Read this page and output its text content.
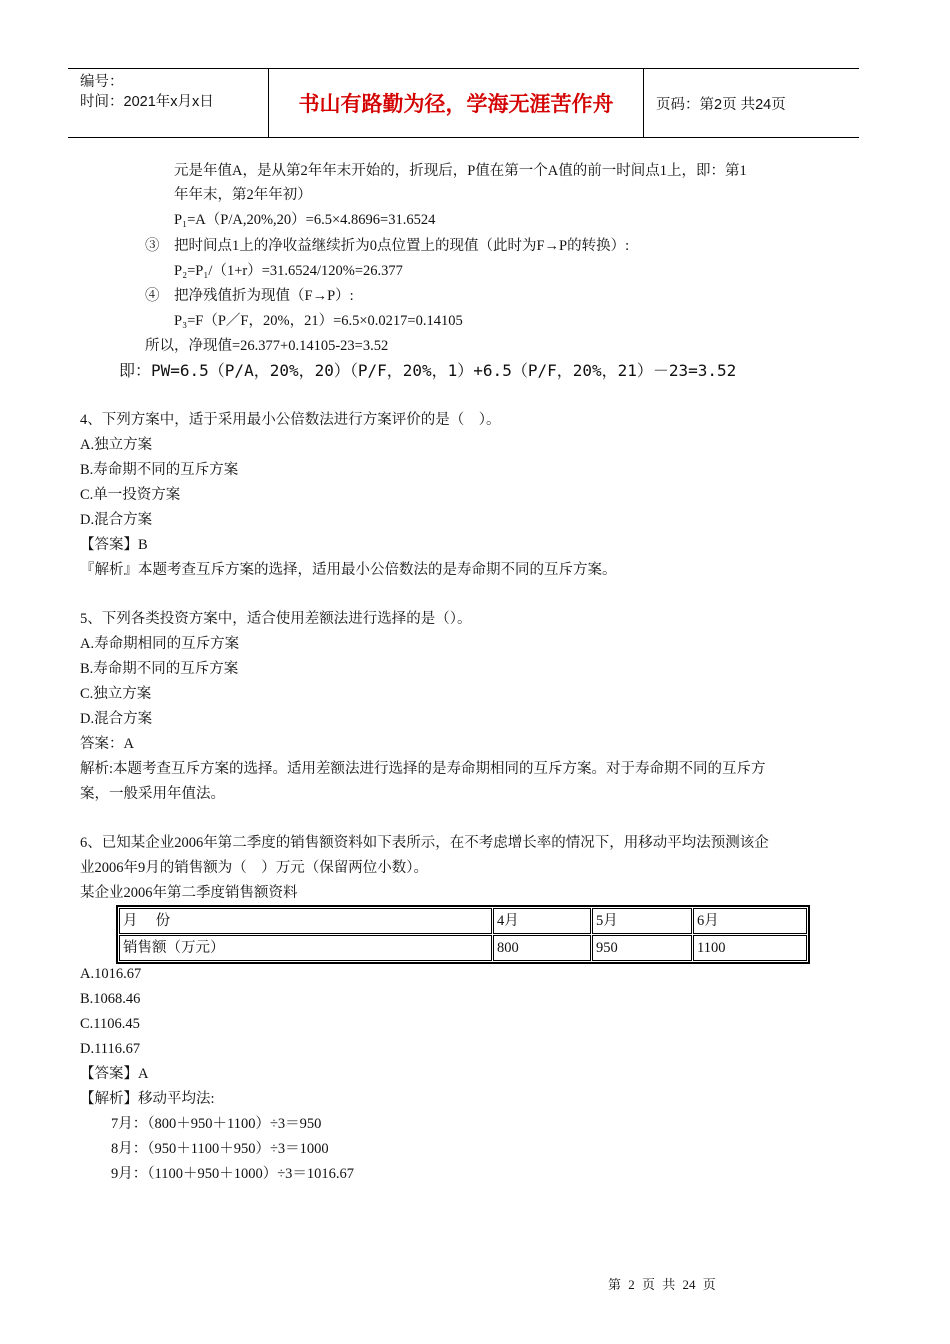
编号：
时间：2021年x月x日	书山有路勤为径，学海无涯苦作舟	页码：第2页 共24页
元是年值A，是从第2年年末开始的，折现后，P值在第一个A值的前一时间点1上，即：第1
年年末，第2年年初）
P₁=A（P/A,20%,20）=6.5×4.8696=31.6524
③　把时间点1上的净收益继续折为0点位置上的现值（此时为F→P的转换）:
P₂=P₁/（1+r）=31.6524/120%=26.377
④　把净残值折为现值（F→P）:
P₃=F（P／F，20%，21）=6.5×0.0217=0.14105
所以，净现值=26.377+0.14105-23=3.52
即：PW=6.5（P/A，20%，20）（P/F，20%，1）+6.5（P/F，20%，21）－23=3.52
4、下列方案中，适于采用最小公倍数法进行方案评价的是（　）。
A.独立方案
B.寿命期不同的互斥方案
C.单一投资方案
D.混合方案
【答案】B
『解析』本题考查互斥方案的选择，适用最小公倍数法的是寿命期不同的互斥方案。
5、下列各类投资方案中，适合使用差额法进行选择的是（）。
A.寿命期相同的互斥方案
B.寿命期不同的互斥方案
C.独立方案
D.混合方案
答案：A
解析:本题考查互斥方案的选择。适用差额法进行选择的是寿命期相同的互斥方案。对于寿命期不同的互斥方
案，一般采用年值法。
6、已知某企业2006年第二季度的销售额资料如下表所示，在不考虑增长率的情况下，用移动平均法预测该企
业2006年9月的销售额为（　）万元（保留两位小数）。
某企业2006年第二季度销售额资料
月　 份	4月	5月	6月
销售额（万元）	800	950	1100
A.1016.67
B.1068.46
C.1106.45
D.1116.67
【答案】A
【解析】移动平均法:
7月：（800＋950＋1100）÷3＝950
8月：（950＋1100＋950）÷3＝1000
9月：（1100＋950＋1000）÷3＝1016.67
第 2 页 共 24 页
